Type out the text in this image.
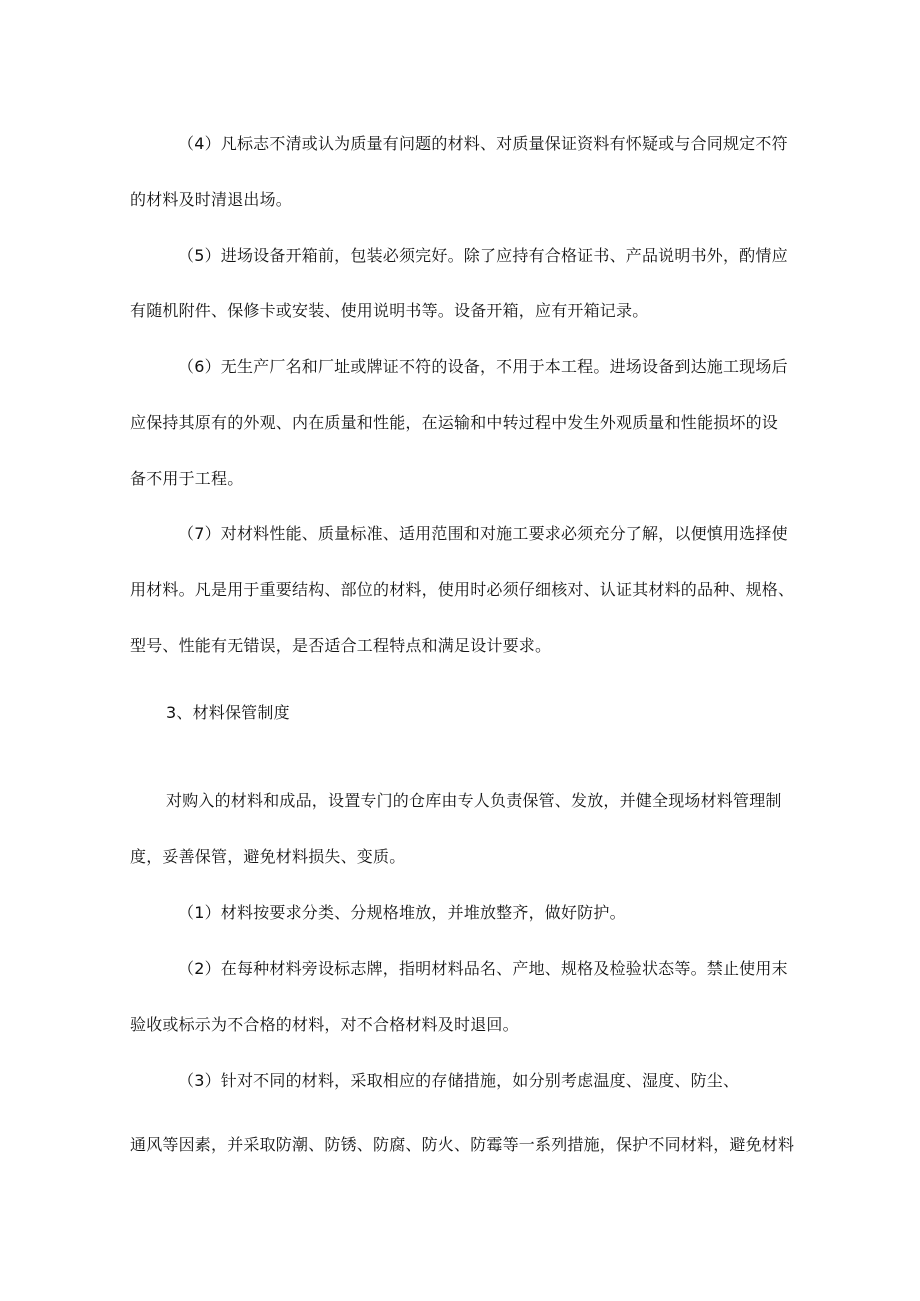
（4）凡标志不清或认为质量有问题的材料、对质量保证资料有怀疑或与合同规定不符
的材料及时清退出场。
（5）进场设备开箱前，包装必须完好。除了应持有合格证书、产品说明书外，酌情应
有随机附件、保修卡或安装、使用说明书等。设备开箱，应有开箱记录。
（6）无生产厂名和厂址或牌证不符的设备，不用于本工程。进场设备到达施工现场后
应保持其原有的外观、内在质量和性能，在运输和中转过程中发生外观质量和性能损坏的设
备不用于工程。
（7）对材料性能、质量标准、适用范围和对施工要求必须充分了解，以便慎用选择使
用材料。凡是用于重要结构、部位的材料，使用时必须仔细核对、认证其材料的品种、规格、
型号、性能有无错误，是否适合工程特点和满足设计要求。
3、材料保管制度
对购入的材料和成品，设置专门的仓库由专人负责保管、发放，并健全现场材料管理制
度，妥善保管，避免材料损失、变质。
（1）材料按要求分类、分规格堆放，并堆放整齐，做好防护。
（2）在每种材料旁设标志牌，指明材料品名、产地、规格及检验状态等。禁止使用末
验收或标示为不合格的材料，对不合格材料及时退回。
（3）针对不同的材料，采取相应的存储措施，如分别考虑温度、湿度、防尘、
通风等因素，并采取防潮、防锈、防腐、防火、防霉等一系列措施，保护不同材料，避免材料
